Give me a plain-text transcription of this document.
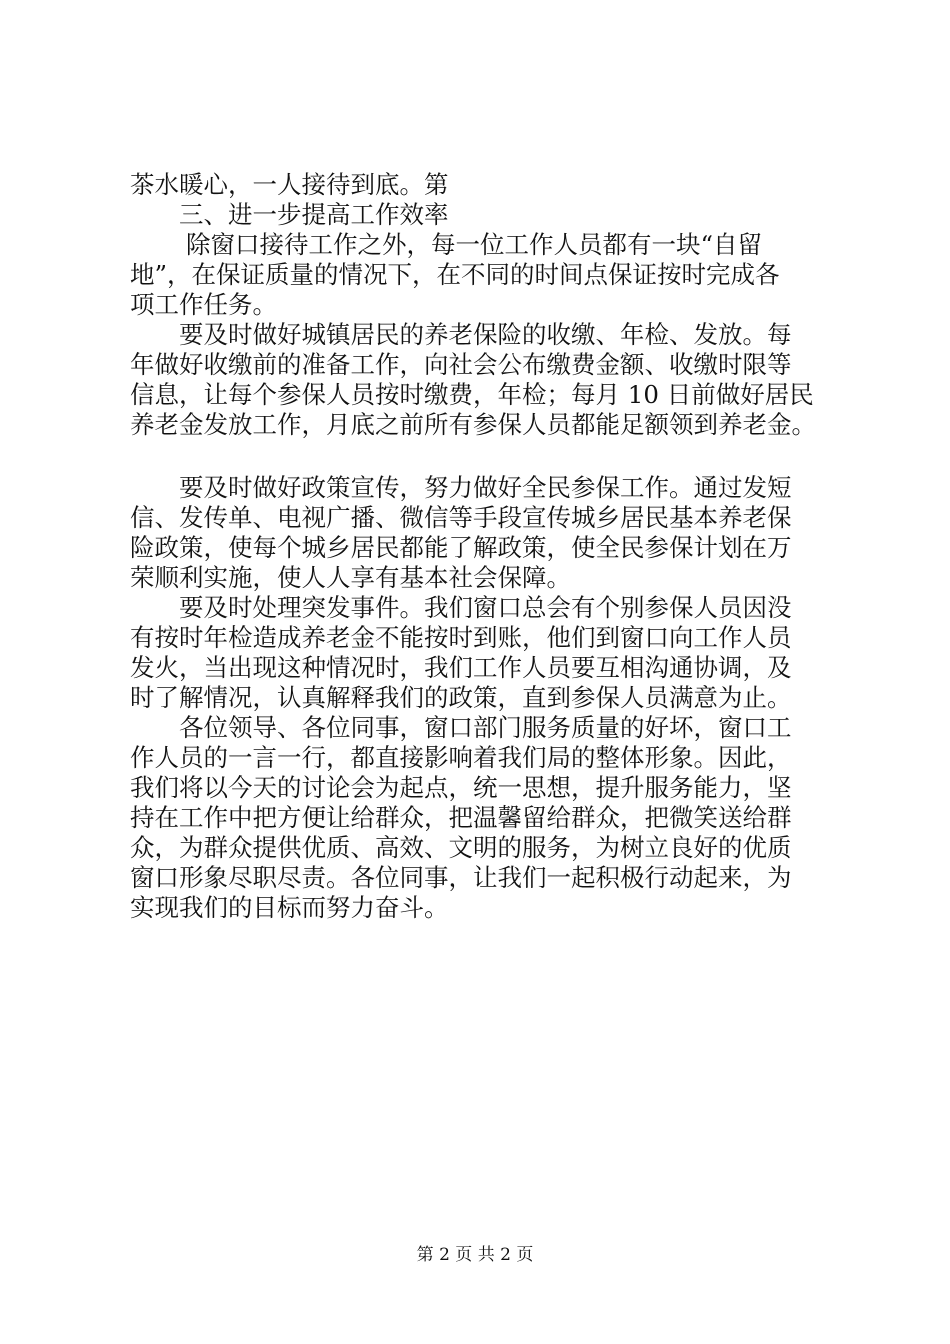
茶水暖心，一人接待到底。第
三、进一步提高工作效率
除窗口接待工作之外，每一位工作人员都有一块“自留
地”，在保证质量的情况下，在不同的时间点保证按时完成各
项工作任务。
要及时做好城镇居民的养老保险的收缴、年检、发放。每
年做好收缴前的准备工作，向社会公布缴费金额、收缴时限等
信息，让每个参保人员按时缴费，年检；每月 10 日前做好居民
养老金发放工作，月底之前所有参保人员都能足额领到养老金。
要及时做好政策宣传，努力做好全民参保工作。通过发短
信、发传单、电视广播、微信等手段宣传城乡居民基本养老保
险政策，使每个城乡居民都能了解政策，使全民参保计划在万
荣顺利实施，使人人享有基本社会保障。
要及时处理突发事件。我们窗口总会有个别参保人员因没
有按时年检造成养老金不能按时到账，他们到窗口向工作人员
发火，当出现这种情况时，我们工作人员要互相沟通协调，及
时了解情况，认真解释我们的政策，直到参保人员满意为止。
各位领导、各位同事，窗口部门服务质量的好坏，窗口工
作人员的一言一行，都直接影响着我们局的整体形象。因此，
我们将以今天的讨论会为起点，统一思想，提升服务能力，坚
持在工作中把方便让给群众，把温馨留给群众，把微笑送给群
众，为群众提供优质、高效、文明的服务，为树立良好的优质
窗口形象尽职尽责。各位同事，让我们一起积极行动起来，为
实现我们的目标而努力奋斗。
第 2 页 共 2 页
